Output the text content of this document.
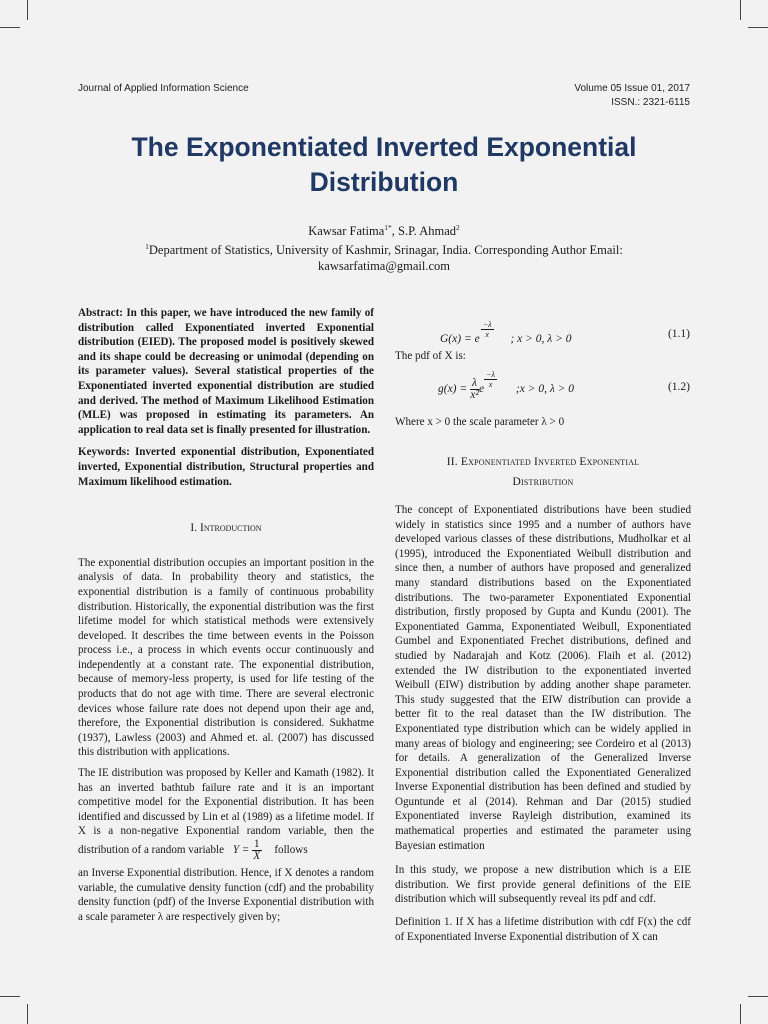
Journal of Applied Information Science	Volume 05 Issue 01, 2017
ISSN.: 2321-6115
The Exponentiated Inverted Exponential Distribution
Kawsar Fatima$^{1*}$, S.P. Ahmad$^2$
$^1$Department of Statistics, University of Kashmir, Srinagar, India. Corresponding Author Email:
kawsarfatima@gmail.com

Abstract: In this paper, we have introduced the new family of distribution called Exponentiated inverted Exponential distribution (EIED). The proposed model is positively skewed and its shape could be decreasing or unimodal (depending on its parameter values). Several statistical properties of the Exponentiated inverted exponential distribution are studied and derived. The method of Maximum Likelihood Estimation (MLE) was proposed in estimating its parameters. An application to real data set is finally presented for illustration.

Keywords: Inverted exponential distribution, Exponentiated inverted, Exponential distribution, Structural properties and Maximum likelihood estimation.

I. Introduction

The exponential distribution occupies an important position in the analysis of data. In probability theory and statistics, the exponential distribution is a family of continuous probability distribution. Historically, the exponential distribution was the first lifetime model for which statistical methods were extensively developed. It describes the time between events in the Poisson process i.e., a process in which events occur continuously and independently at a constant rate. The exponential distribution, because of memory-less property, is used for life testing of the products that do not age with time. There are several electronic devices whose failure rate does not depend upon their age and, therefore, the Exponential distribution is considered. Sukhatme (1937), Lawless (2003) and Ahmed et. al. (2007) has discussed this distribution with applications.

The IE distribution was proposed by Keller and Kamath (1982). It has an inverted bathtub failure rate and it is an important competitive model for the Exponential distribution. It has been identified and discussed by Lin et al (1989) as a lifetime model. If X is a non-negative Exponential random variable, then the distribution of a random variable $Y = \frac{1}{X}$ follows

an Inverse Exponential distribution. Hence, if X denotes a random variable, the cumulative density function (cdf) and the probability density function (pdf) of the Inverse Exponential distribution with a scale parameter λ are respectively given by;

G(x) = e $\frac{-\lambda}{x}$ ; x > 0, λ > 0	(1.1)
The pdf of X is:
$g(x) = \frac{\lambda}{\text{x²}}$ e $\frac{-\lambda}{x}$ ;x > 0, λ > 0	(1.2)
Where x > 0 the scale parameter λ > 0
II. Exponentiated Inverted Exponential
Distribution

The concept of Exponentiated distributions have been studied widely in statistics since 1995 and a number of authors have developed various classes of these distributions, Mudholkar et al (1995), introduced the Exponentiated Weibull distribution and since then, a number of authors have proposed and generalized many standard distributions based on the Exponentiated distributions. The two-parameter Exponentiated Exponential distribution, firstly proposed by Gupta and Kundu (2001). The Exponentiated Gamma, Exponentiated Weibull, Exponentiated Gumbel and Exponentiated Frechet distributions, defined and studied by Nadarajah and Kotz (2006). Flaih et al. (2012) extended the IW distribution to the exponentiated inverted Weibull (EIW) distribution by adding another shape parameter. This study suggested that the EIW distribution can provide a better fit to the real dataset than the IW distribution. The Exponentiated type distribution which can be widely applied in many areas of biology and engineering; see Cordeiro et al (2013) for details. A generalization of the Generalized Inverse Exponential distribution called the Exponentiated Generalized Inverse Exponential distribution has been defined and studied by Oguntunde et al (2014). Rehman and Dar (2015) studied Exponentiated inverse Rayleigh distribution, examined its mathematical properties and estimated the parameter using Bayesian estimation

In this study, we propose a new distribution which is a EIE distribution. We first provide general definitions of the EIE distribution which will subsequently reveal its pdf and cdf.

Definition 1. If X has a lifetime distribution with cdf F(x) the cdf of Exponentiated Inverse Exponential distribution of X can
